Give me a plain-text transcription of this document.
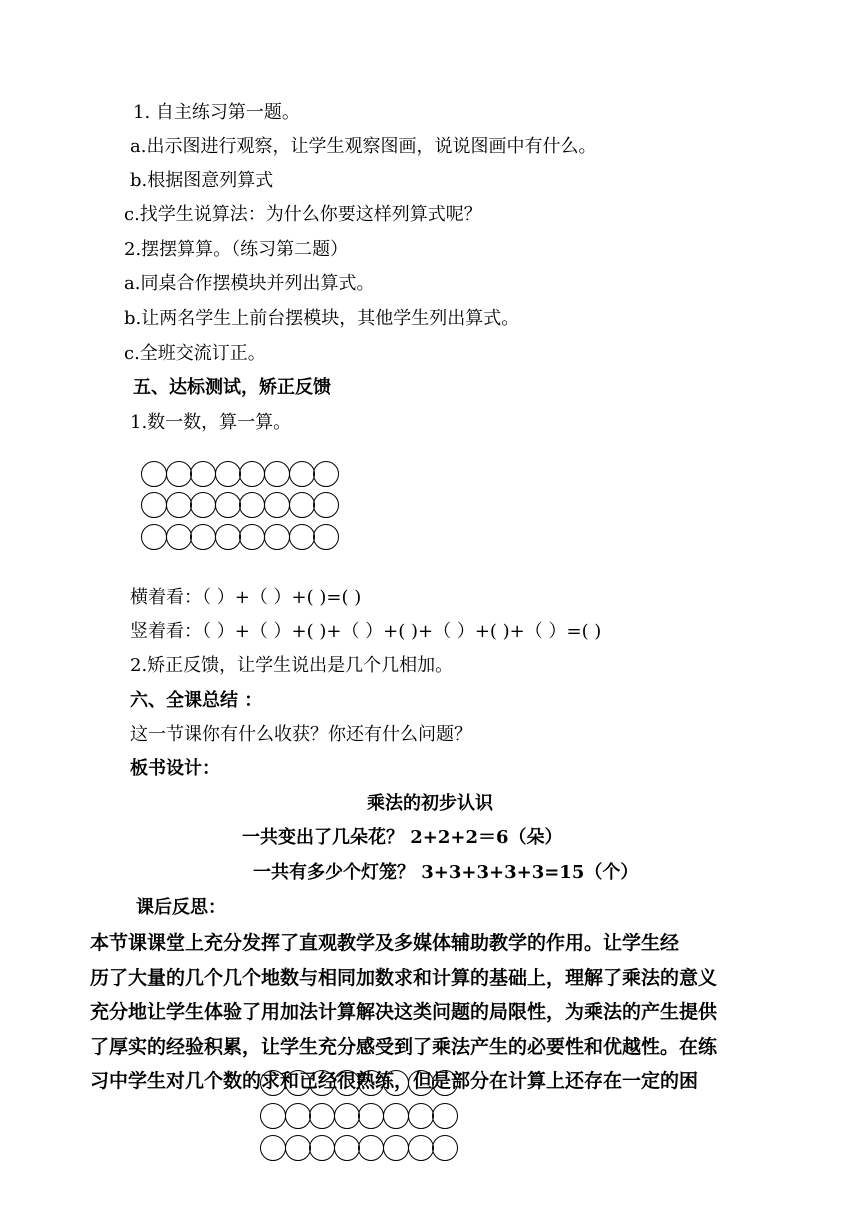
1. 自主练习第一题。
a.出示图进行观察，让学生观察图画，说说图画中有什么。
b.根据图意列算式
c.找学生说算法：为什么你要这样列算式呢？
2.摆摆算算。（练习第二题）
a.同桌合作摆模块并列出算式。
b.让两名学生上前台摆模块，其他学生列出算式。
c.全班交流订正。
五、达标测试，矫正反馈
1.数一数，算一算。
横着看：（ ）+（ ）+( )=( )
竖着看：（ ）+（ ）+( )+（ ）+( )+（ ）+( )+（ ）=( )
2.矫正反馈，让学生说出是几个几相加。
六、全课总结 ：
这一节课你有什么收获？你还有什么问题？
板书设计：
乘法的初步认识
一共变出了几朵花？ 2+2+2＝6（朵）
一共有多少个灯笼？ 3+3+3+3+3=15（个）
课后反思：
本节课课堂上充分发挥了直观教学及多媒体辅助教学的作用。让学生经
历了大量的几个几个地数与相同加数求和计算的基础上，理解了乘法的意义
充分地让学生体验了用加法计算解决这类问题的局限性，为乘法的产生提供
了厚实的经验积累，让学生充分感受到了乘法产生的必要性和优越性。在练
习中学生对几个数的求和已经很熟练，但是部分在计算上还存在一定的困
